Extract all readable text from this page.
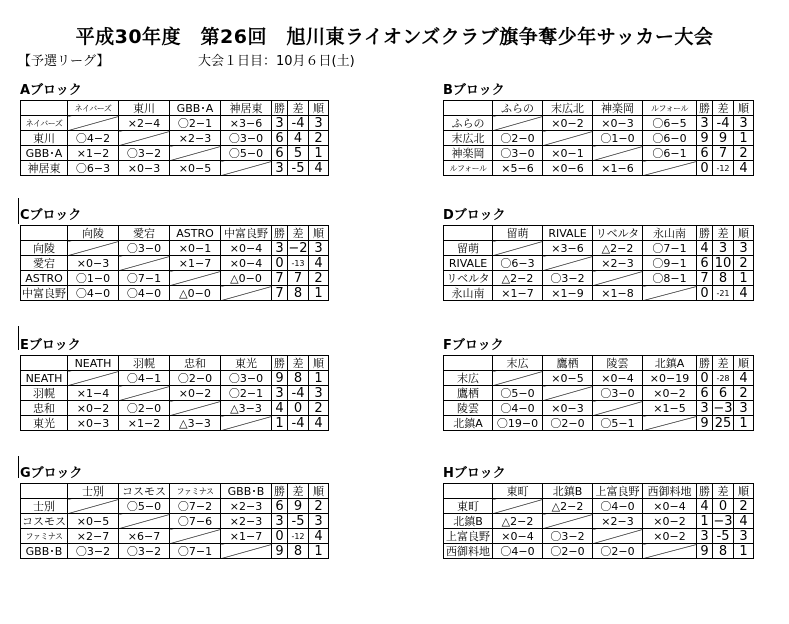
平成30年度　第26回　旭川東ライオンズクラブ旗争奪少年サッカー大会
【予選リーグ】	大会１日目：10月６日(土)
Aブロック
	ネイバーズ	東川	GBB･A	神居東	勝	差	順
ネイバーズ		×2−4	〇2−1	×3−6	3	-4	3
東川	〇4−2		×2−3	〇3−0	6	4	2
GBB･A	×1−2	〇3−2		〇5−0	6	5	1
神居東	〇6−3	×0−3	×0−5		3	-5	4
Bブロック
	ふらの	末広北	神楽岡	ルフォール	勝	差	順
ふらの		×0−2	×0−3	〇6−5	3	-4	3
末広北	〇2−0		〇1−0	〇6−0	9	9	1
神楽岡	〇3−0	×0−1		〇6−1	6	7	2
ルフォール	×5−6	×0−6	×1−6		0	-12	4
Cブロック
	向陵	愛宕	ASTRO	中富良野	勝	差	順
向陵		〇3−0	×0−1	×0−4	3	−2	3
愛宕	×0−3		×1−7	×0−4	0	-13	4
ASTRO	〇1−0	〇7−1		△0−0	7	7	2
中富良野	〇4−0	〇4−0	△0−0		7	8	1
Dブロック
	留萌	RIVALE	リベルタ	永山南	勝	差	順
留萌		×3−6	△2−2	〇7−1	4	3	3
RIVALE	〇6−3		×2−3	〇9−1	6	10	2
リベルタ	△2−2	〇3−2		〇8−1	7	8	1
永山南	×1−7	×1−9	×1−8		0	-21	4
Eブロック
	NEATH	羽幌	忠和	東光	勝	差	順
NEATH		〇4−1	〇2−0	〇3−0	9	8	1
羽幌	×1−4		×0−2	〇2−1	3	-4	3
忠和	×0−2	〇2−0		△3−3	4	0	2
東光	×0−3	×1−2	△3−3		1	-4	4
Fブロック
	末広	鷹栖	陵雲	北鎮A	勝	差	順
末広		×0−5	×0−4	×0−19	0	-28	4
鷹栖	〇5−0		〇3−0	×0−2	6	6	2
陵雲	〇4−0	×0−3		×1−5	3	−3	3
北鎮A	〇19−0	〇2−0	〇5−1		9	25	1
Gブロック
	士別	コスモス	ファミナス	GBB･B	勝	差	順
士別		〇5−0	〇7−2	×2−3	6	9	2
コスモス	×0−5		〇7−6	×2−3	3	-5	3
ファミナス	×2−7	×6−7		×1−7	0	-12	4
GBB･B	〇3−2	〇3−2	〇7−1		9	8	1
Hブロック
	東町	北鎮B	上富良野	西御料地	勝	差	順
東町		△2−2	〇4−0	×0−4	4	0	2
北鎮B	△2−2		×2−3	×0−2	1	−3	4
上富良野	×0−4	〇3−2		×0−2	3	-5	3
西御料地	〇4−0	〇2−0	〇2−0		9	8	1
